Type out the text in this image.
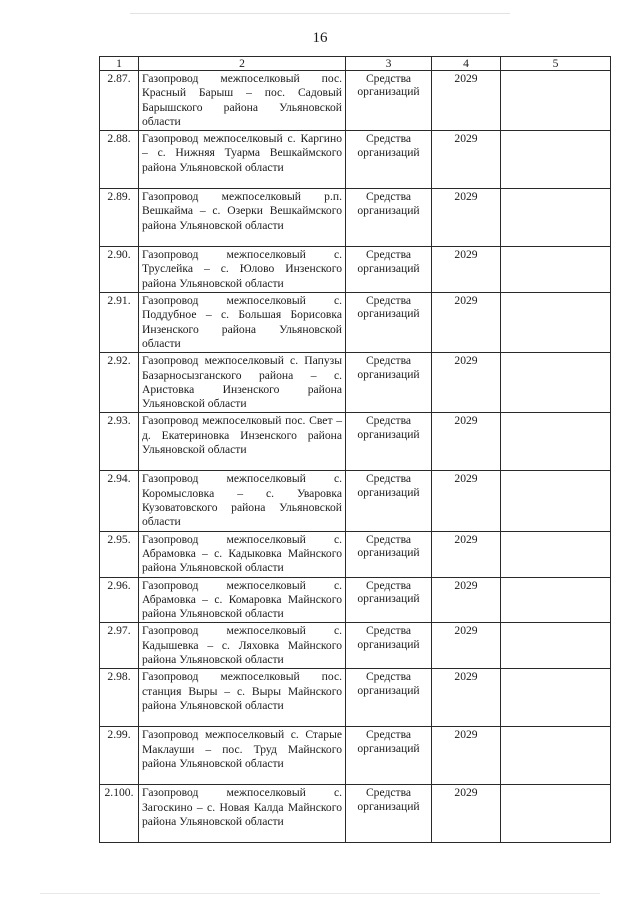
16
1	2	3	4	5
2.87.	Газопровод межпоселковый пос. Красный Барыш – пос. Садовый Барышского района Ульяновской области	Средства организаций	2029	
2.88.	Газопровод межпоселковый с. Каргино – с. Нижняя Туарма Вешкаймского района Ульяновской области	Средства организаций	2029	
2.89.	Газопровод межпоселковый р.п. Вешкайма – с. Озерки Вешкаймского района Ульяновской области	Средства организаций	2029	
2.90.	Газопровод межпоселковый с. Труслейка – с. Юлово Инзенского района Ульяновской области	Средства организаций	2029	
2.91.	Газопровод межпоселковый с. Поддубное – с. Большая Борисовка Инзенского района Ульяновской области	Средства организаций	2029	
2.92.	Газопровод межпоселковый с. Папузы Базарносызганского района – с. Аристовка Инзенского района Ульяновской области	Средства организаций	2029	
2.93.	Газопровод межпоселковый пос. Свет – д. Екатериновка Инзенского района Ульяновской области	Средства организаций	2029	
2.94.	Газопровод межпоселковый с. Коромысловка – с. Уваровка Кузоватовского района Ульяновской области	Средства организаций	2029	
2.95.	Газопровод межпоселковый с. Абрамовка – с. Кадыковка Майнского района Ульяновской области	Средства организаций	2029	
2.96.	Газопровод межпоселковый с. Абрамовка – с. Комаровка Майнского района Ульяновской области	Средства организаций	2029	
2.97.	Газопровод межпоселковый с. Кадышевка – с. Ляховка Майнского района Ульяновской области	Средства организаций	2029	
2.98.	Газопровод межпоселковый пос. станция Выры – с. Выры Майнского района Ульяновской области	Средства организаций	2029	
2.99.	Газопровод межпоселковый с. Старые Маклауши – пос. Труд Майнского района Ульяновской области	Средства организаций	2029	
2.100.	Газопровод межпоселковый с. Загоскино – с. Новая Калда Майнского района Ульяновской области	Средства организаций	2029	
